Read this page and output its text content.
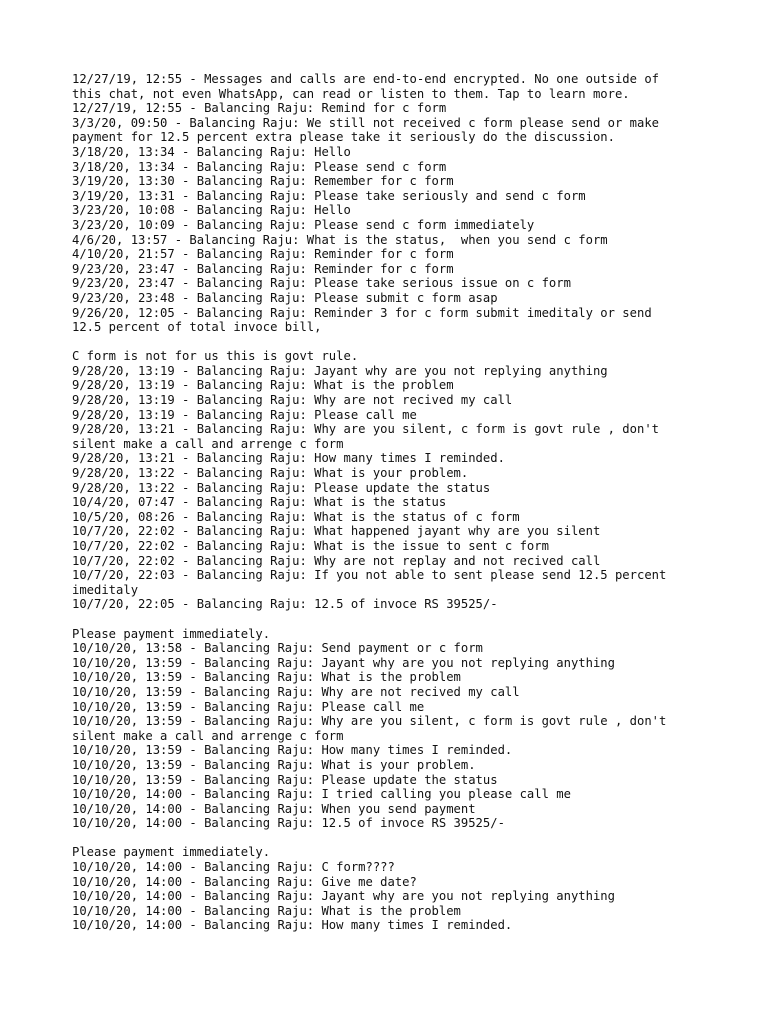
12/27/19, 12:55 - Messages and calls are end-to-end encrypted. No one outside of
this chat, not even WhatsApp, can read or listen to them. Tap to learn more.
12/27/19, 12:55 - Balancing Raju: Remind for c form
3/3/20, 09:50 - Balancing Raju: We still not received c form please send or make
payment for 12.5 percent extra please take it seriously do the discussion.
3/18/20, 13:34 - Balancing Raju: Hello
3/18/20, 13:34 - Balancing Raju: Please send c form
3/19/20, 13:30 - Balancing Raju: Remember for c form
3/19/20, 13:31 - Balancing Raju: Please take seriously and send c form
3/23/20, 10:08 - Balancing Raju: Hello
3/23/20, 10:09 - Balancing Raju: Please send c form immediately
4/6/20, 13:57 - Balancing Raju: What is the status,  when you send c form
4/10/20, 21:57 - Balancing Raju: Reminder for c form
9/23/20, 23:47 - Balancing Raju: Reminder for c form
9/23/20, 23:47 - Balancing Raju: Please take serious issue on c form
9/23/20, 23:48 - Balancing Raju: Please submit c form asap
9/26/20, 12:05 - Balancing Raju: Reminder 3 for c form submit imeditaly or send
12.5 percent of total invoce bill,
C form is not for us this is govt rule.
9/28/20, 13:19 - Balancing Raju: Jayant why are you not replying anything
9/28/20, 13:19 - Balancing Raju: What is the problem
9/28/20, 13:19 - Balancing Raju: Why are not recived my call
9/28/20, 13:19 - Balancing Raju: Please call me
9/28/20, 13:21 - Balancing Raju: Why are you silent, c form is govt rule , don't
silent make a call and arrenge c form
9/28/20, 13:21 - Balancing Raju: How many times I reminded.
9/28/20, 13:22 - Balancing Raju: What is your problem.
9/28/20, 13:22 - Balancing Raju: Please update the status
10/4/20, 07:47 - Balancing Raju: What is the status
10/5/20, 08:26 - Balancing Raju: What is the status of c form
10/7/20, 22:02 - Balancing Raju: What happened jayant why are you silent
10/7/20, 22:02 - Balancing Raju: What is the issue to sent c form
10/7/20, 22:02 - Balancing Raju: Why are not replay and not recived call
10/7/20, 22:03 - Balancing Raju: If you not able to sent please send 12.5 percent
imeditaly
10/7/20, 22:05 - Balancing Raju: 12.5 of invoce RS 39525/-
Please payment immediately.
10/10/20, 13:58 - Balancing Raju: Send payment or c form
10/10/20, 13:59 - Balancing Raju: Jayant why are you not replying anything
10/10/20, 13:59 - Balancing Raju: What is the problem
10/10/20, 13:59 - Balancing Raju: Why are not recived my call
10/10/20, 13:59 - Balancing Raju: Please call me
10/10/20, 13:59 - Balancing Raju: Why are you silent, c form is govt rule , don't
silent make a call and arrenge c form
10/10/20, 13:59 - Balancing Raju: How many times I reminded.
10/10/20, 13:59 - Balancing Raju: What is your problem.
10/10/20, 13:59 - Balancing Raju: Please update the status
10/10/20, 14:00 - Balancing Raju: I tried calling you please call me
10/10/20, 14:00 - Balancing Raju: When you send payment
10/10/20, 14:00 - Balancing Raju: 12.5 of invoce RS 39525/-
Please payment immediately.
10/10/20, 14:00 - Balancing Raju: C form????
10/10/20, 14:00 - Balancing Raju: Give me date?
10/10/20, 14:00 - Balancing Raju: Jayant why are you not replying anything
10/10/20, 14:00 - Balancing Raju: What is the problem
10/10/20, 14:00 - Balancing Raju: How many times I reminded.
